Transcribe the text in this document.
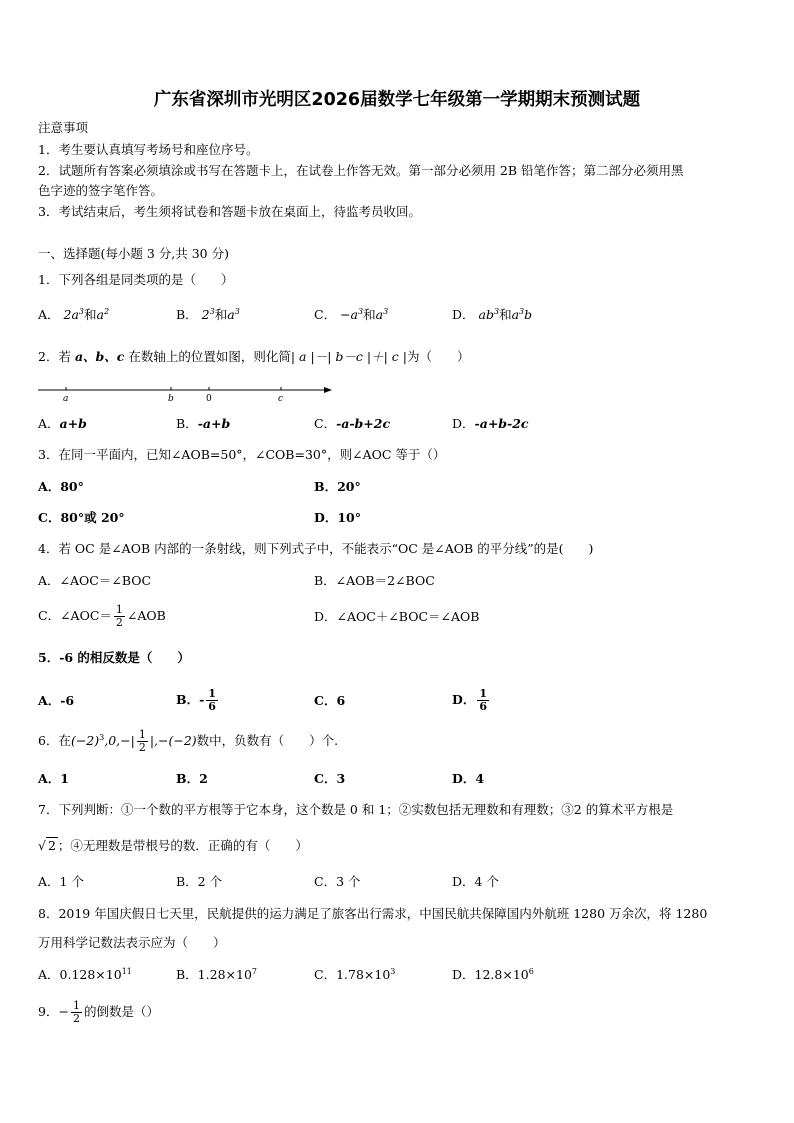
广东省深圳市光明区2026届数学七年级第一学期期末预测试题
注意事项
1．考生要认真填写考场号和座位序号。
2．试题所有答案必须填涂或书写在答题卡上，在试卷上作答无效。第一部分必须用 2B 铅笔作答；第二部分必须用黑
色字迹的签字笔作答。
3．考试结束后，考生须将试卷和答题卡放在桌面上，待监考员收回。
一、选择题(每小题 3 分,共 30 分)
1．下列各组是同类项的是（　　）
A． $2a^3$和$a^2$	B． $2^3$和$a^3$	C． $-a^3$和$a^3$	D． $ab^3$和$a^3b$
2．若 a、b、c 在数轴上的位置如图，则化简| a |－| b－c |＋| c |为（　　）
a	b	0	c
A．a+b	B．-a+b	C．-a-b+2c	D．-a+b-2c
3．在同一平面内，已知∠AOB=50°，∠COB=30°，则∠AOC 等于（）
A．80°	B．20°
C．80°或 20°	D．10°
4．若 OC 是∠AOB 内部的一条射线，则下列式子中，不能表示“OC 是∠AOB 的平分线”的是(　　)
A．∠AOC＝∠BOC	B．∠AOB＝2∠BOC
C．∠AOC＝ $\frac{1}{2}$ ∠AOB	D．∠AOC＋∠BOC＝∠AOB
5．-6 的相反数是（　　）
A．-6	B．- $\frac{1}{6}$	C．6	D． $\frac{1}{6}$
6．在$(-2)^3,0,-| \frac{1}{2} |,-(-2)$数中，负数有（　　）个.
A．1	B．2	C．3	D．4
7．下列判断：①一个数的平方根等于它本身，这个数是 0 和 1；②实数包括无理数和有理数；③2 的算术平方根是
√ 2 ；④无理数是带根号的数．正确的有（　　）
A．1 个	B．2 个	C．3 个	D．4 个
8．2019 年国庆假日七天里，民航提供的运力满足了旅客出行需求，中国民航共保障国内外航班 1280 万余次，将 1280
万用科学记数法表示应为（　　）
A．$0.128\times 10^{11}$	B．$1.28\times 10^7$	C．$1.78\times 10^3$	D．$12.8\times 10^6$
9．− $\frac{1}{2}$ 的倒数是（）
